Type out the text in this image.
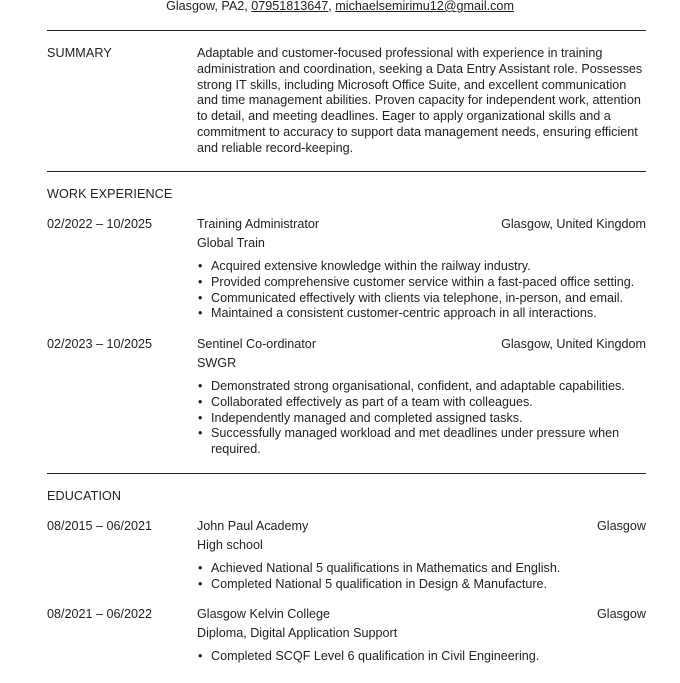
Glasgow, PA2, 07951813647, michaelsemirimu12@gmail.com
SUMMARY	Adaptable and customer-focused professional with experience in training administration and coordination, seeking a Data Entry Assistant role. Possesses strong IT skills, including Microsoft Office Suite, and excellent communication and time management abilities. Proven capacity for independent work, attention to detail, and meeting deadlines. Eager to apply organizational skills and a commitment to accuracy to support data management needs, ensuring efficient and reliable record-keeping.
WORK EXPERIENCE
02/2022 – 10/2025	Training Administrator	Glasgow, United Kingdom
Global Train
• Acquired extensive knowledge within the railway industry.
• Provided comprehensive customer service within a fast-paced office setting.
• Communicated effectively with clients via telephone, in-person, and email.
• Maintained a consistent customer-centric approach in all interactions.
02/2023 – 10/2025	Sentinel Co-ordinator	Glasgow, United Kingdom
SWGR
• Demonstrated strong organisational, confident, and adaptable capabilities.
• Collaborated effectively as part of a team with colleagues.
• Independently managed and completed assigned tasks.
• Successfully managed workload and met deadlines under pressure when required.
EDUCATION
08/2015 – 06/2021	John Paul Academy	Glasgow
High school
• Achieved National 5 qualifications in Mathematics and English.
• Completed National 5 qualification in Design & Manufacture.
08/2021 – 06/2022	Glasgow Kelvin College	Glasgow
Diploma, Digital Application Support
• Completed SCQF Level 6 qualification in Civil Engineering.
